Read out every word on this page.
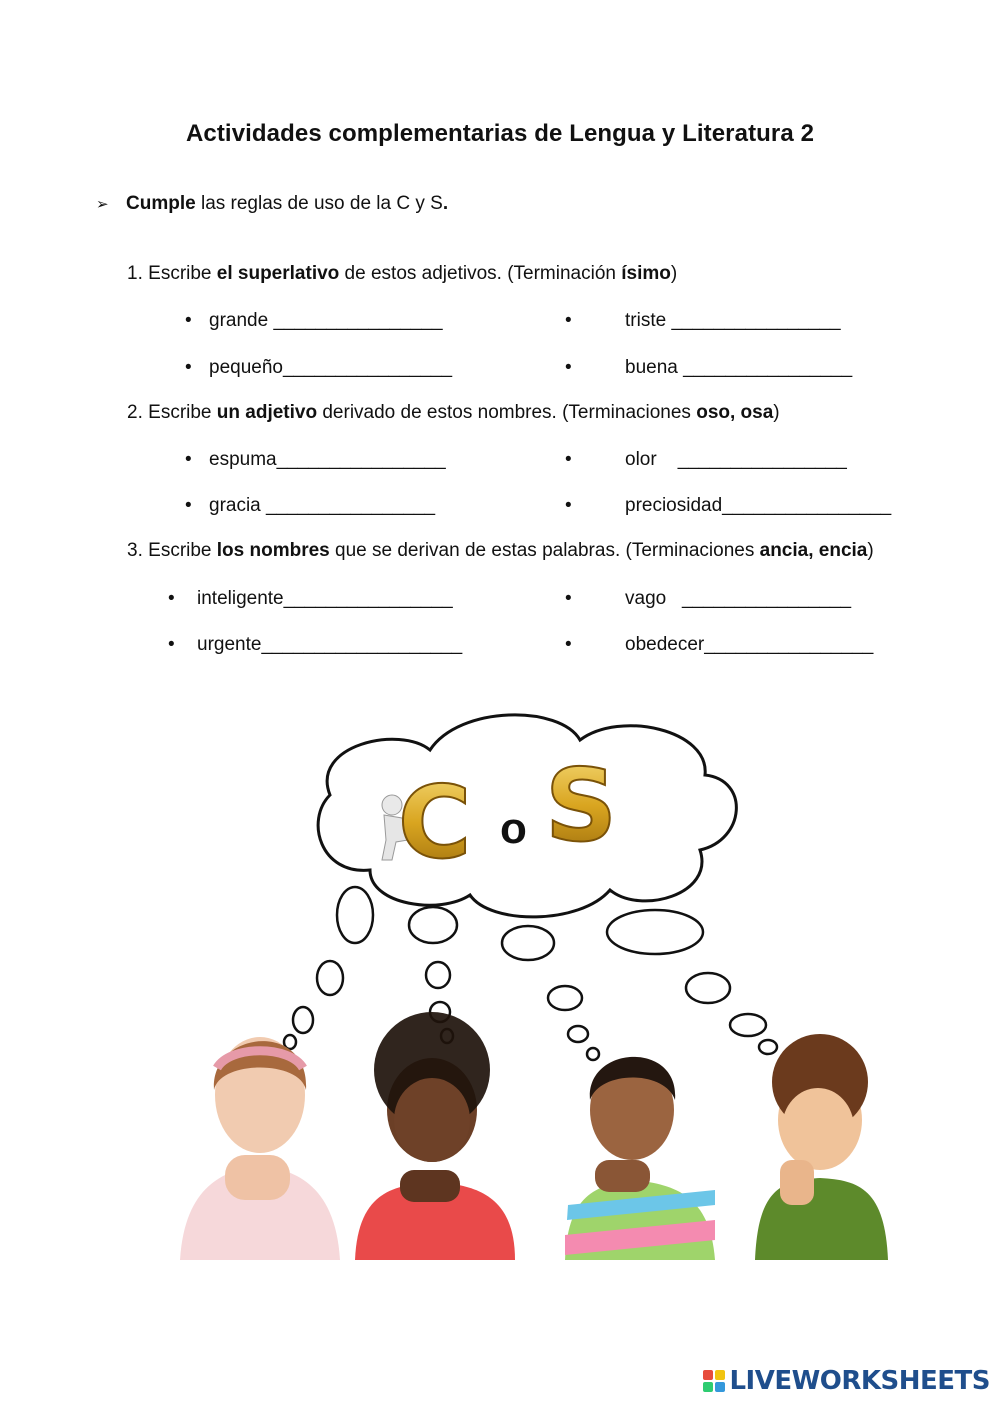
Actividades complementarias de Lengua y Literatura 2
➢ Cumple las reglas de uso de la C y S.
1. Escribe el superlativo de estos adjetivos. (Terminación ísimo)
• grande ________________	•	triste ________________
• pequeño________________	•	buena ________________
2. Escribe un adjetivo derivado de estos nombres. (Terminaciones oso, osa)
• espuma________________	•	olor    ________________
• gracia ________________	•	preciosidad________________
3. Escribe los nombres que se derivan de estas palabras. (Terminaciones ancia, encia)
• inteligente________________	•	vago   ________________
• urgente___________________	•	obedecer________________
C o S
LIVEWORKSHEETS
